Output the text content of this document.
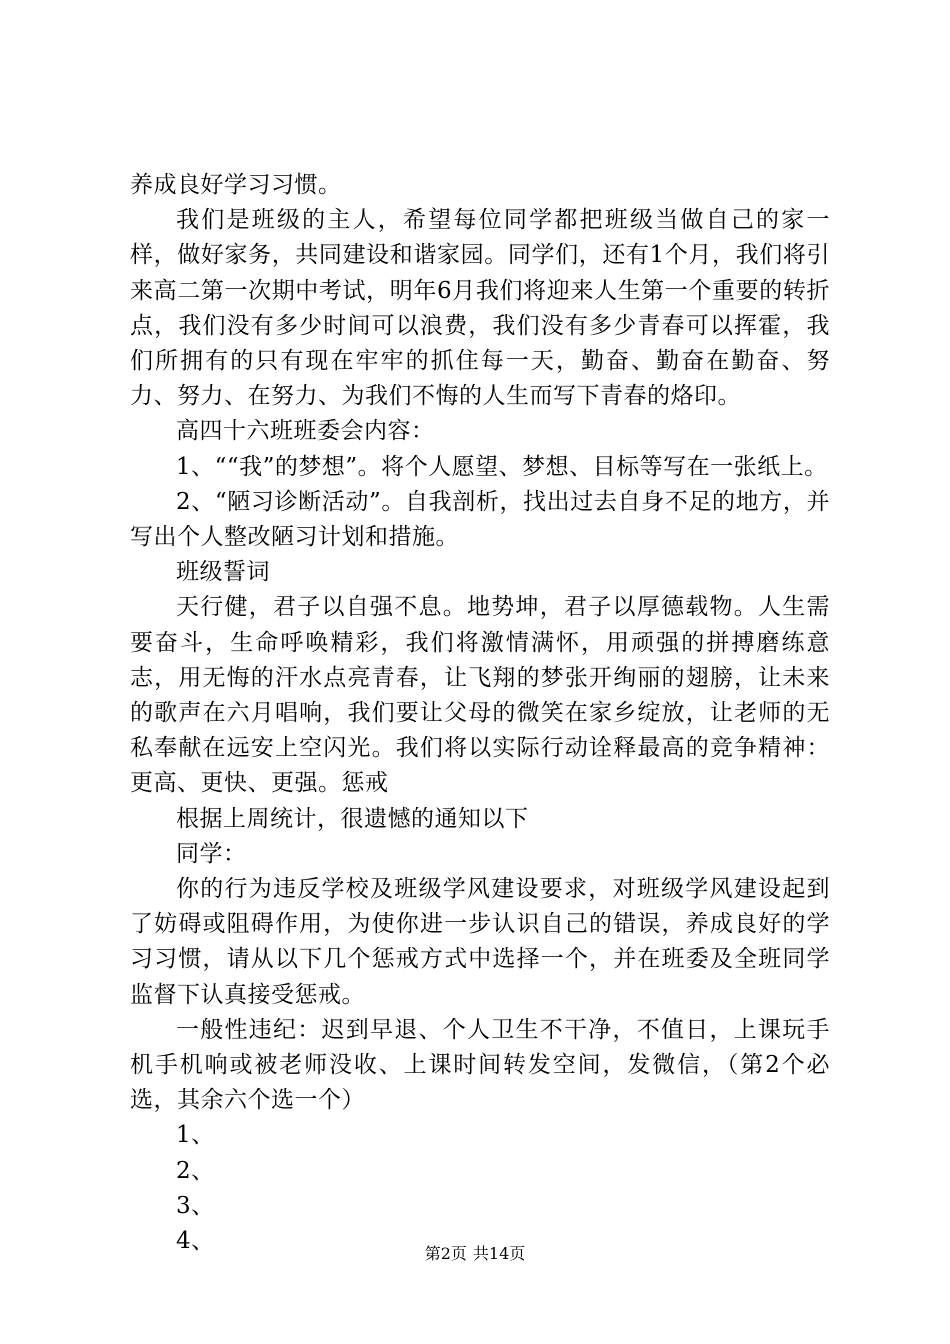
养成良好学习习惯。

我们是班级的主人，希望每位同学都把班级当做自己的家一样，做好家务，共同建设和谐家园。同学们，还有1个月，我们将引来高二第一次期中考试，明年6月我们将迎来人生第一个重要的转折点，我们没有多少时间可以浪费，我们没有多少青春可以挥霍，我们所拥有的只有现在牢牢的抓住每一天，勤奋、勤奋在勤奋、努力、努力、在努力、为我们不悔的人生而写下青春的烙印。

高四十六班班委会内容：

1、““我”的梦想”。将个人愿望、梦想、目标等写在一张纸上。

2、“陋习诊断活动”。自我剖析，找出过去自身不足的地方，并写出个人整改陋习计划和措施。

班级誓词

天行健，君子以自强不息。地势坤，君子以厚德载物。人生需要奋斗，生命呼唤精彩，我们将激情满怀，用顽强的拼搏磨练意志，用无悔的汗水点亮青春，让飞翔的梦张开绚丽的翅膀，让未来的歌声在六月唱响，我们要让父母的微笑在家乡绽放，让老师的无私奉献在远安上空闪光。我们将以实际行动诠释最高的竞争精神：更高、更快、更强。惩戒

根据上周统计，很遗憾的通知以下

同学：

你的行为违反学校及班级学风建设要求，对班级学风建设起到了妨碍或阻碍作用，为使你进一步认识自己的错误，养成良好的学习习惯，请从以下几个惩戒方式中选择一个，并在班委及全班同学监督下认真接受惩戒。

一般性违纪：迟到早退、个人卫生不干净，不值日，上课玩手机手机响或被老师没收、上课时间转发空间，发微信，（第2个必选，其余六个选一个）

1、

2、

3、

4、	第2页 共14页
